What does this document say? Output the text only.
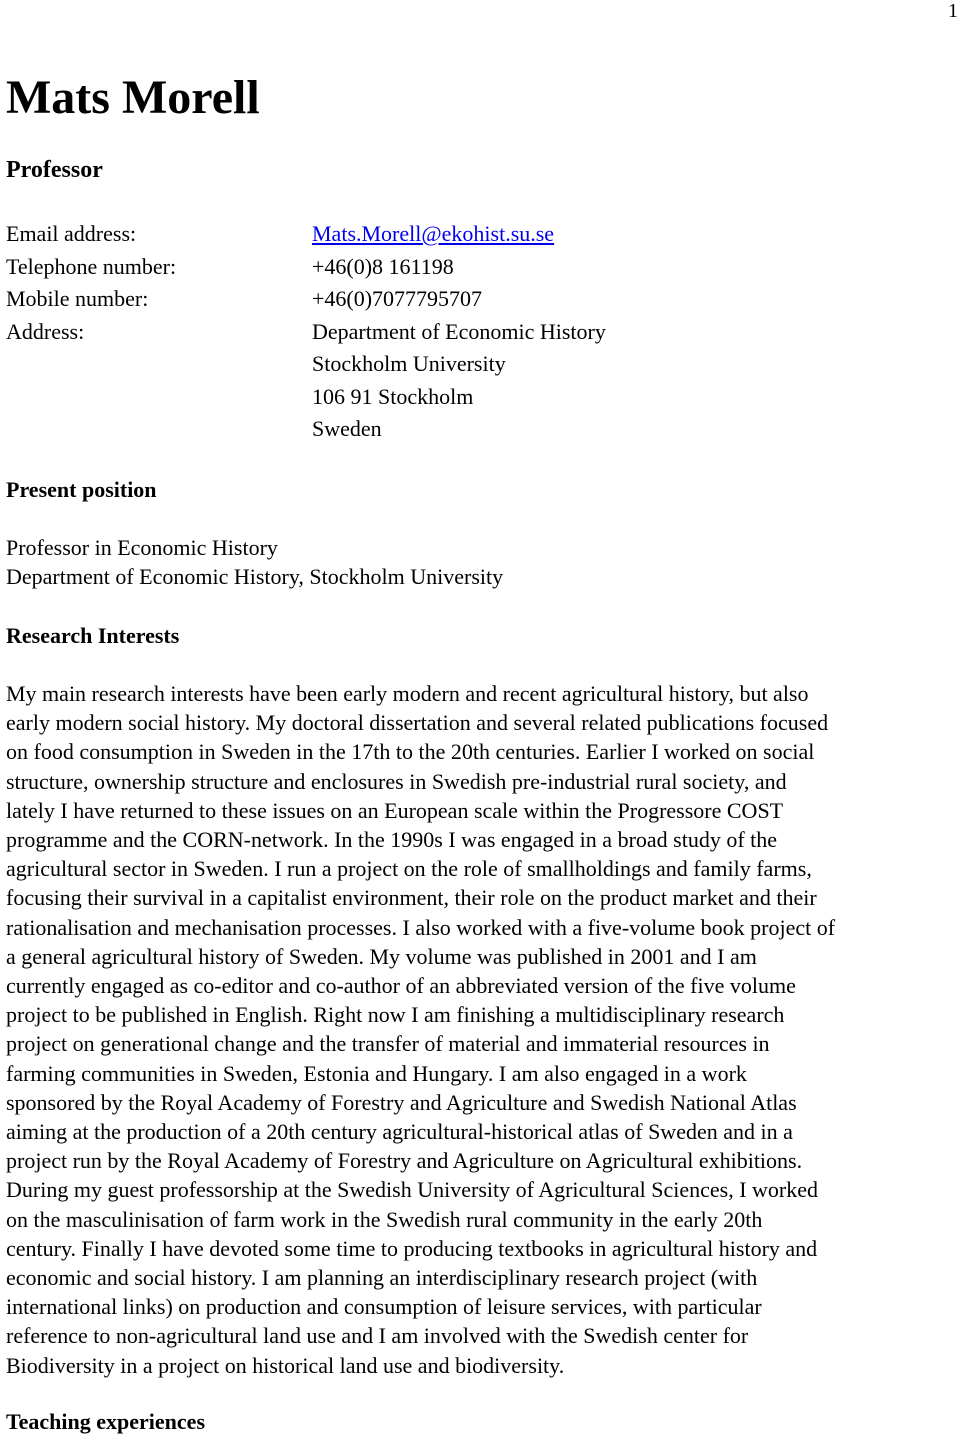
1
Mats Morell
Professor
Email address:	Mats.Morell@ekohist.su.se
Telephone number:	+46(0)8 161198
Mobile number:	+46(0)7077795707
Address:	Department of Economic History
Stockholm University
106 91 Stockholm
Sweden
Present position
Professor in Economic History
Department of Economic History, Stockholm University
Research Interests
My main research interests have been early modern and recent agricultural history, but also
early modern social history. My doctoral dissertation and several related publications focused
on food consumption in Sweden in the 17th to the 20th centuries. Earlier I worked on social
structure, ownership structure and enclosures in Swedish pre-industrial rural society, and
lately I have returned to these issues on an European scale within the Progressore COST
programme and the CORN-network. In the 1990s I was engaged in a broad study of the
agricultural sector in Sweden. I run a project on the role of smallholdings and family farms,
focusing their survival in a capitalist environment, their role on the product market and their
rationalisation and mechanisation processes. I also worked with a five-volume book project of
a general agricultural history of Sweden. My volume was published in 2001 and I am
currently engaged as co-editor and co-author of an abbreviated version of the five volume
project to be published in English. Right now I am finishing a multidisciplinary research
project on generational change and the transfer of material and immaterial resources in
farming communities in Sweden, Estonia and Hungary. I am also engaged in a work
sponsored by the Royal Academy of Forestry and Agriculture and Swedish National Atlas
aiming at the production of a 20th century agricultural-historical atlas of Sweden and in a
project run by the Royal Academy of Forestry and Agriculture on Agricultural exhibitions.
During my guest professorship at the Swedish University of Agricultural Sciences, I worked
on the masculinisation of farm work in the Swedish rural community in the early 20th
century. Finally I have devoted some time to producing textbooks in agricultural history and
economic and social history. I am planning an interdisciplinary research project (with
international links) on production and consumption of leisure services, with particular
reference to non-agricultural land use and I am involved with the Swedish center for
Biodiversity in a project on historical land use and biodiversity.
Teaching experiences
